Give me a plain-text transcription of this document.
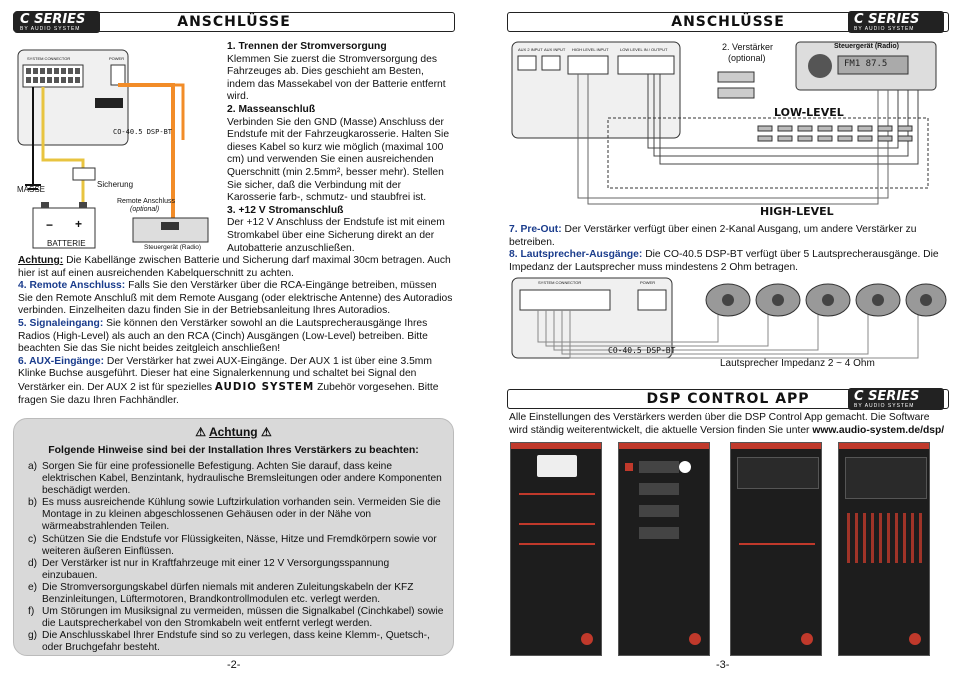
ANSCHLÜSSE
C SERIES
BY AUDIO SYSTEM
SYSTEM CONNECTOR	POWER
CO-40.5 DSP-BT
MASSE
Sicherung
− +
BATTERIE
Remote Anschluss
(optional)
Steuergerät (Radio)
1. Trennen der Stromversorgung
Klemmen Sie zuerst die Stromversorgung des Fahrzeuges ab. Dies geschieht am Besten, indem das Massekabel von der Batterie entfernt wird.
2. Masseanschluß
Verbinden Sie den GND (Masse) Anschluss der Endstufe mit der Fahrzeugkarosserie. Halten Sie dieses Kabel so kurz wie möglich (maximal 100 cm) und verwenden Sie einen ausreichenden Querschnitt (min 2.5mm², besser mehr). Stellen Sie sicher, daß die Verbindung mit der Karosserie farb-, schmutz- und staubfrei ist.
3. +12 V Stromanschluß
Der +12 V Anschluss der Endstufe ist mit einem Stromkabel über eine Sicherung direkt an der Autobatterie anzuschließen.
Achtung: Die Kabellänge zwischen Batterie und Sicherung darf maximal 30cm betragen. Auch hier ist auf einen ausreichenden Kabelquerschnitt zu achten.
4. Remote Anschluss: Falls Sie den Verstärker über die RCA-Eingänge betreiben, müssen Sie den Remote Anschluß mit dem Remote Ausgang (oder elektrische Antenne) des Autoradios verbinden. Einzelheiten dazu finden Sie in der Betriebsanleitung Ihres Autoradios.
5. Signaleingang: Sie können den Verstärker sowohl an die Lautsprecherausgänge Ihres Radios (High-Level) als auch an den RCA (Cinch) Ausgängen (Low-Level) betreiben. Bitte beachten Sie das Sie nicht beides zeitgleich anschließen!
6. AUX-Eingänge: Der Verstärker hat zwei AUX-Eingänge. Der AUX 1 ist über eine 3.5mm Klinke Buchse ausgeführt. Dieser hat eine Signalerkennung und schaltet bei Signal den Verstärker ein. Der AUX 2 ist für spezielles AUDIO SYSTEM Zubehör vorgesehen. Bitte fragen Sie dazu Ihren Fachhändler.
⚠ Achtung ⚠
Folgende Hinweise sind bei der Installation Ihres Verstärkers zu beachten:
a) Sorgen Sie für eine professionelle Befestigung. Achten Sie darauf, dass keine elektrischen Kabel, Benzintank, hydraulische Bremsleitungen oder andere Komponenten beschädigt werden.
b) Es muss ausreichende Kühlung sowie Luftzirkulation vorhanden sein. Vermeiden Sie die Montage in zu kleinen abgeschlossenen Gehäusen oder in der Nähe von wärmeabstrahlenden Teilen.
c) Schützen Sie die Endstufe vor Flüssigkeiten, Nässe, Hitze und Fremdkörpern sowie vor weiteren äußeren Einflüssen.
d) Der Verstärker ist nur in Kraftfahrzeuge mit einer 12 V Versorgungsspannung einzubauen.
e) Die Stromversorgungskabel dürfen niemals mit anderen Zuleitungskabeln der KFZ Benzinleitungen, Lüftermotoren, Brandkontrollmodulen etc. verlegt werden.
f) Um Störungen im Musiksignal zu vermeiden, müssen die Signalkabel (Cinchkabel) sowie die Lautsprecherkabel von den Stromkabeln weit entfernt verlegt werden.
g) Die Anschlusskabel Ihrer Endstufe sind so zu verlegen, dass keine Klemm-, Quetsch-, oder Bruchgefahr besteht.
-2-
ANSCHLÜSSE	C SERIES
BY AUDIO SYSTEM
AUX 2 INPUT AUX INPUT HIGH LEVEL INPUT	LOW LEVEL IN / OUTPUT	2. Verstärker
(optional)
Steuergerät (Radio)
FM1 87.5
LOW-LEVEL
HIGH-LEVEL
7. Pre-Out: Der Verstärker verfügt über einen 2-Kanal Ausgang, um andere Verstärker zu betreiben.
8. Lautsprecher-Ausgänge: Die CO-40.5 DSP-BT verfügt über 5 Lautsprecherausgänge. Die Impedanz der Lautsprecher muss mindestens 2 Ohm betragen.
SYSTEM CONNECTOR	POWER
CO-40.5 DSP-BT
Lautsprecher Impedanz 2 ~ 4 Ohm
DSP CONTROL APP	C SERIES
BY AUDIO SYSTEM
Alle Einstellungen des Verstärkers werden über die DSP Control App gemacht. Die Software wird ständig weiterentwickelt, die aktuelle Version finden Sie unter www.audio-system.de/dsp/
-3-
